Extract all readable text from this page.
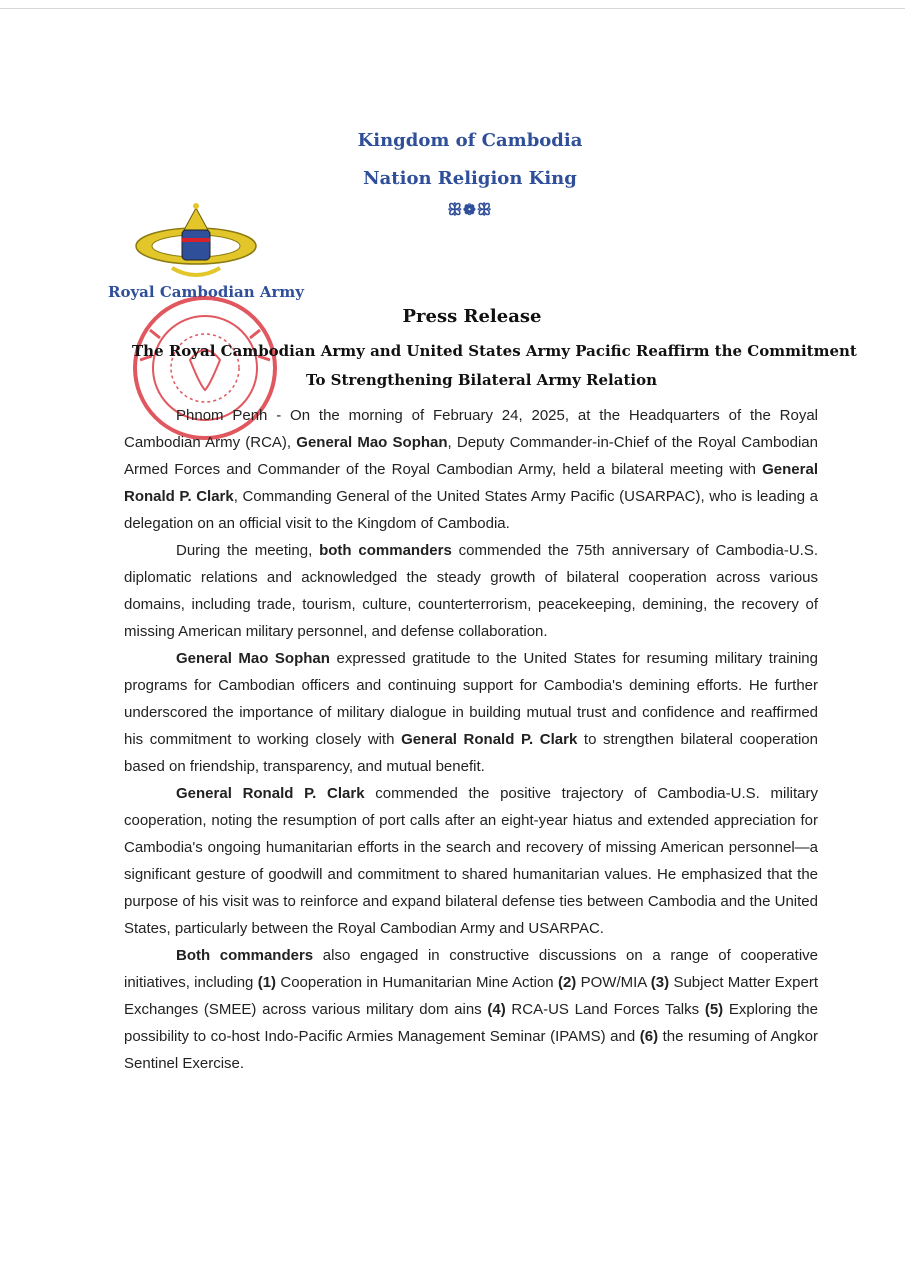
Kingdom of Cambodia
Nation Religion King
ꕥ❁ꕥ
Royal Cambodian Army
Press Release
The Royal Cambodian Army and United States Army Pacific Reaffirm the Commitment
To Strengthening Bilateral Army Relation

Phnom Penh - On the morning of February 24, 2025, at the Headquarters of the Royal Cambodian Army (RCA), General Mao Sophan, Deputy Commander-in-Chief of the Royal Cambodian Armed Forces and Commander of the Royal Cambodian Army, held a bilateral meeting with General Ronald P. Clark, Commanding General of the United States Army Pacific (USARPAC), who is leading a delegation on an official visit to the Kingdom of Cambodia.

During the meeting, both commanders commended the 75th anniversary of Cambodia-U.S. diplomatic relations and acknowledged the steady growth of bilateral cooperation across various domains, including trade, tourism, culture, counterterrorism, peacekeeping, demining, the recovery of missing American military personnel, and defense collaboration.

General Mao Sophan expressed gratitude to the United States for resuming military training programs for Cambodian officers and continuing support for Cambodia's demining efforts. He further underscored the importance of military dialogue in building mutual trust and confidence and reaffirmed his commitment to working closely with General Ronald P. Clark to strengthen bilateral cooperation based on friendship, transparency, and mutual benefit.

General Ronald P. Clark commended the positive trajectory of Cambodia-U.S. military cooperation, noting the resumption of port calls after an eight-year hiatus and extended appreciation for Cambodia's ongoing humanitarian efforts in the search and recovery of missing American personnel—a significant gesture of goodwill and commitment to shared humanitarian values. He emphasized that the purpose of his visit was to reinforce and expand bilateral defense ties between Cambodia and the United States, particularly between the Royal Cambodian Army and USARPAC.

Both commanders also engaged in constructive discussions on a range of cooperative initiatives, including (1) Cooperation in Humanitarian Mine Action (2) POW/MIA (3) Subject Matter Expert Exchanges (SMEE) across various military dom ains (4) RCA-US Land Forces Talks (5) Exploring the possibility to co-host Indo-Pacific Armies Management Seminar (IPAMS) and (6) the resuming of Angkor Sentinel Exercise.
